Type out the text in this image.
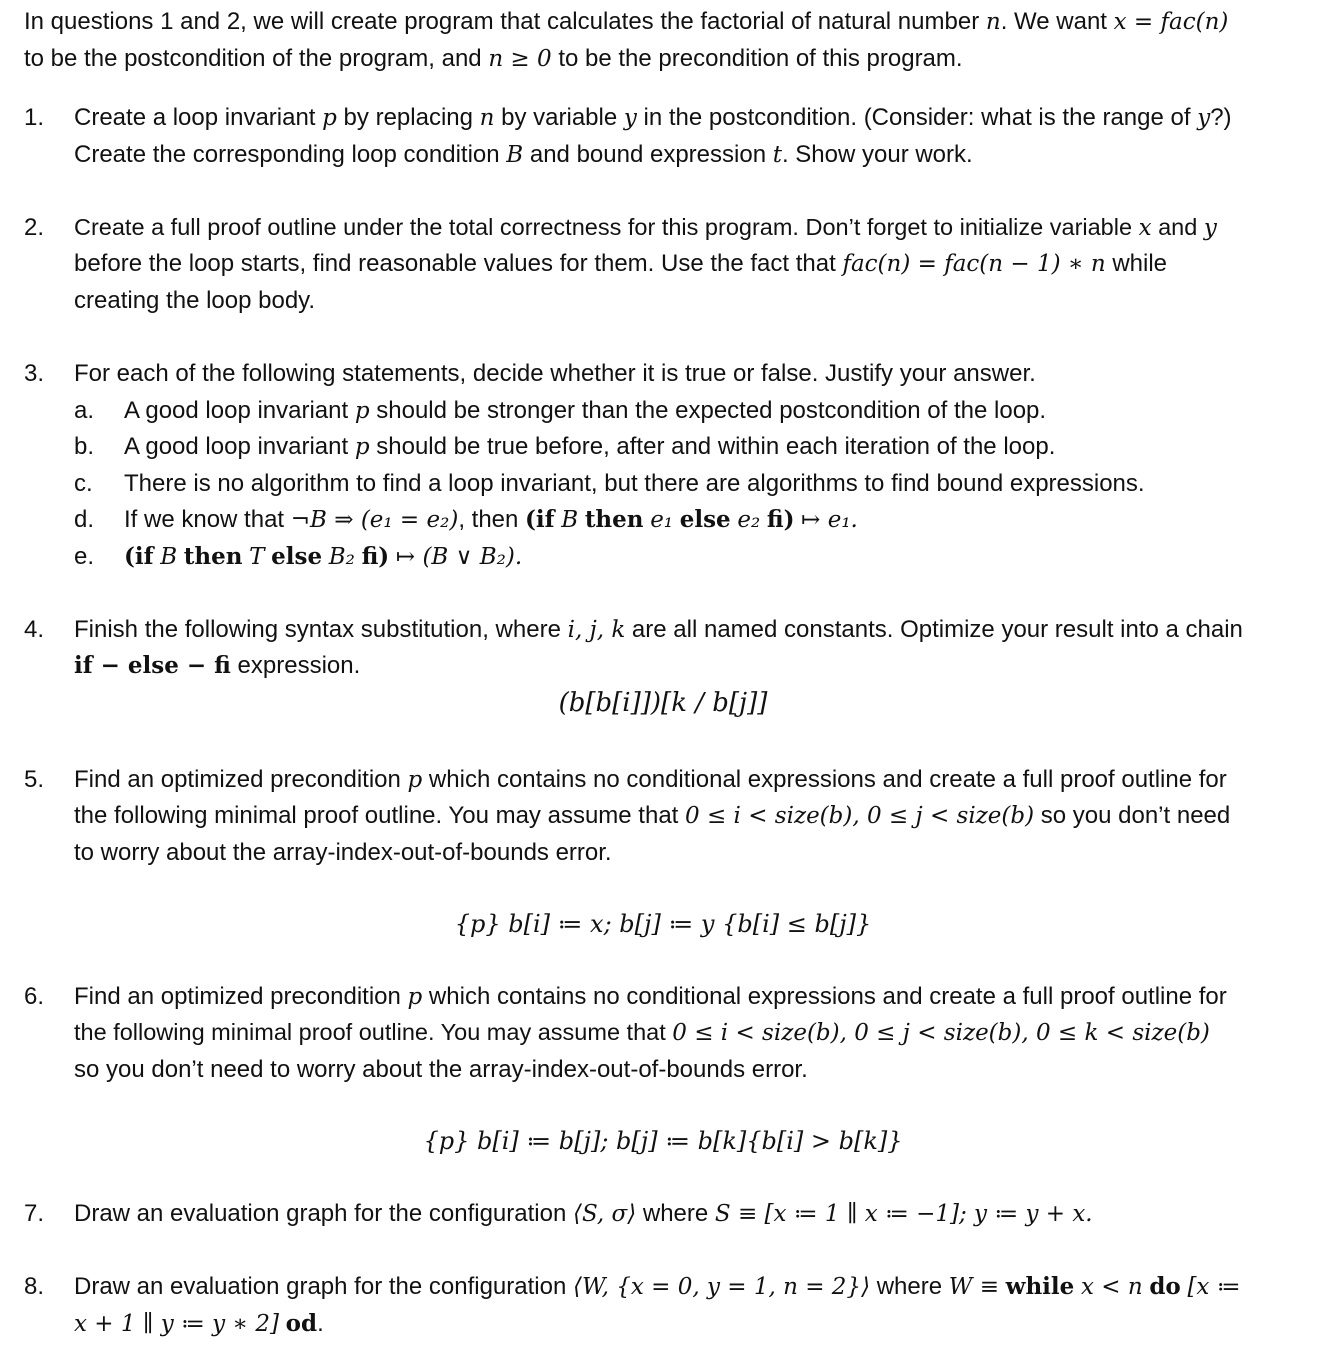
In questions 1 and 2, we will create program that calculates the factorial of natural number n. We want x = fac(n)
to be the postcondition of the program, and n ≥ 0 to be the precondition of this program.
1. Create a loop invariant p by replacing n by variable y in the postcondition. (Consider: what is the range of y?)
Create the corresponding loop condition B and bound expression t. Show your work.
2. Create a full proof outline under the total correctness for this program. Don’t forget to initialize variable x and y
before the loop starts, find reasonable values for them. Use the fact that fac(n) = fac(n − 1) ∗ n while
creating the loop body.
3. For each of the following statements, decide whether it is true or false. Justify your answer.
a. A good loop invariant p should be stronger than the expected postcondition of the loop.
b. A good loop invariant p should be true before, after and within each iteration of the loop.
c. There is no algorithm to find a loop invariant, but there are algorithms to find bound expressions.
d. If we know that ¬B ⇒ (e₁ = e₂), then (if B then e₁ else e₂ fi) ↦ e₁.
e. (if B then T else B₂ fi) ↦ (B ∨ B₂).
4. Finish the following syntax substitution, where i, j, k are all named constants. Optimize your result into a chain
if − else − fi expression.
(b[b[i]])[k / b[j]]
5. Find an optimized precondition p which contains no conditional expressions and create a full proof outline for
the following minimal proof outline. You may assume that 0 ≤ i < size(b), 0 ≤ j < size(b) so you don’t need
to worry about the array-index-out-of-bounds error.
{p} b[i] ≔ x; b[j] ≔ y {b[i] ≤ b[j]}
6. Find an optimized precondition p which contains no conditional expressions and create a full proof outline for
the following minimal proof outline. You may assume that 0 ≤ i < size(b), 0 ≤ j < size(b), 0 ≤ k < size(b)
so you don’t need to worry about the array-index-out-of-bounds error.
{p} b[i] ≔ b[j]; b[j] ≔ b[k]{b[i] > b[k]}
7. Draw an evaluation graph for the configuration ⟨S, σ⟩ where S ≡ [x ≔ 1 ∥ x ≔ −1]; y ≔ y + x.
8. Draw an evaluation graph for the configuration ⟨W, {x = 0, y = 1, n = 2}⟩ where W ≡ while x < n do [x ≔
x + 1 ∥ y ≔ y ∗ 2] od.
